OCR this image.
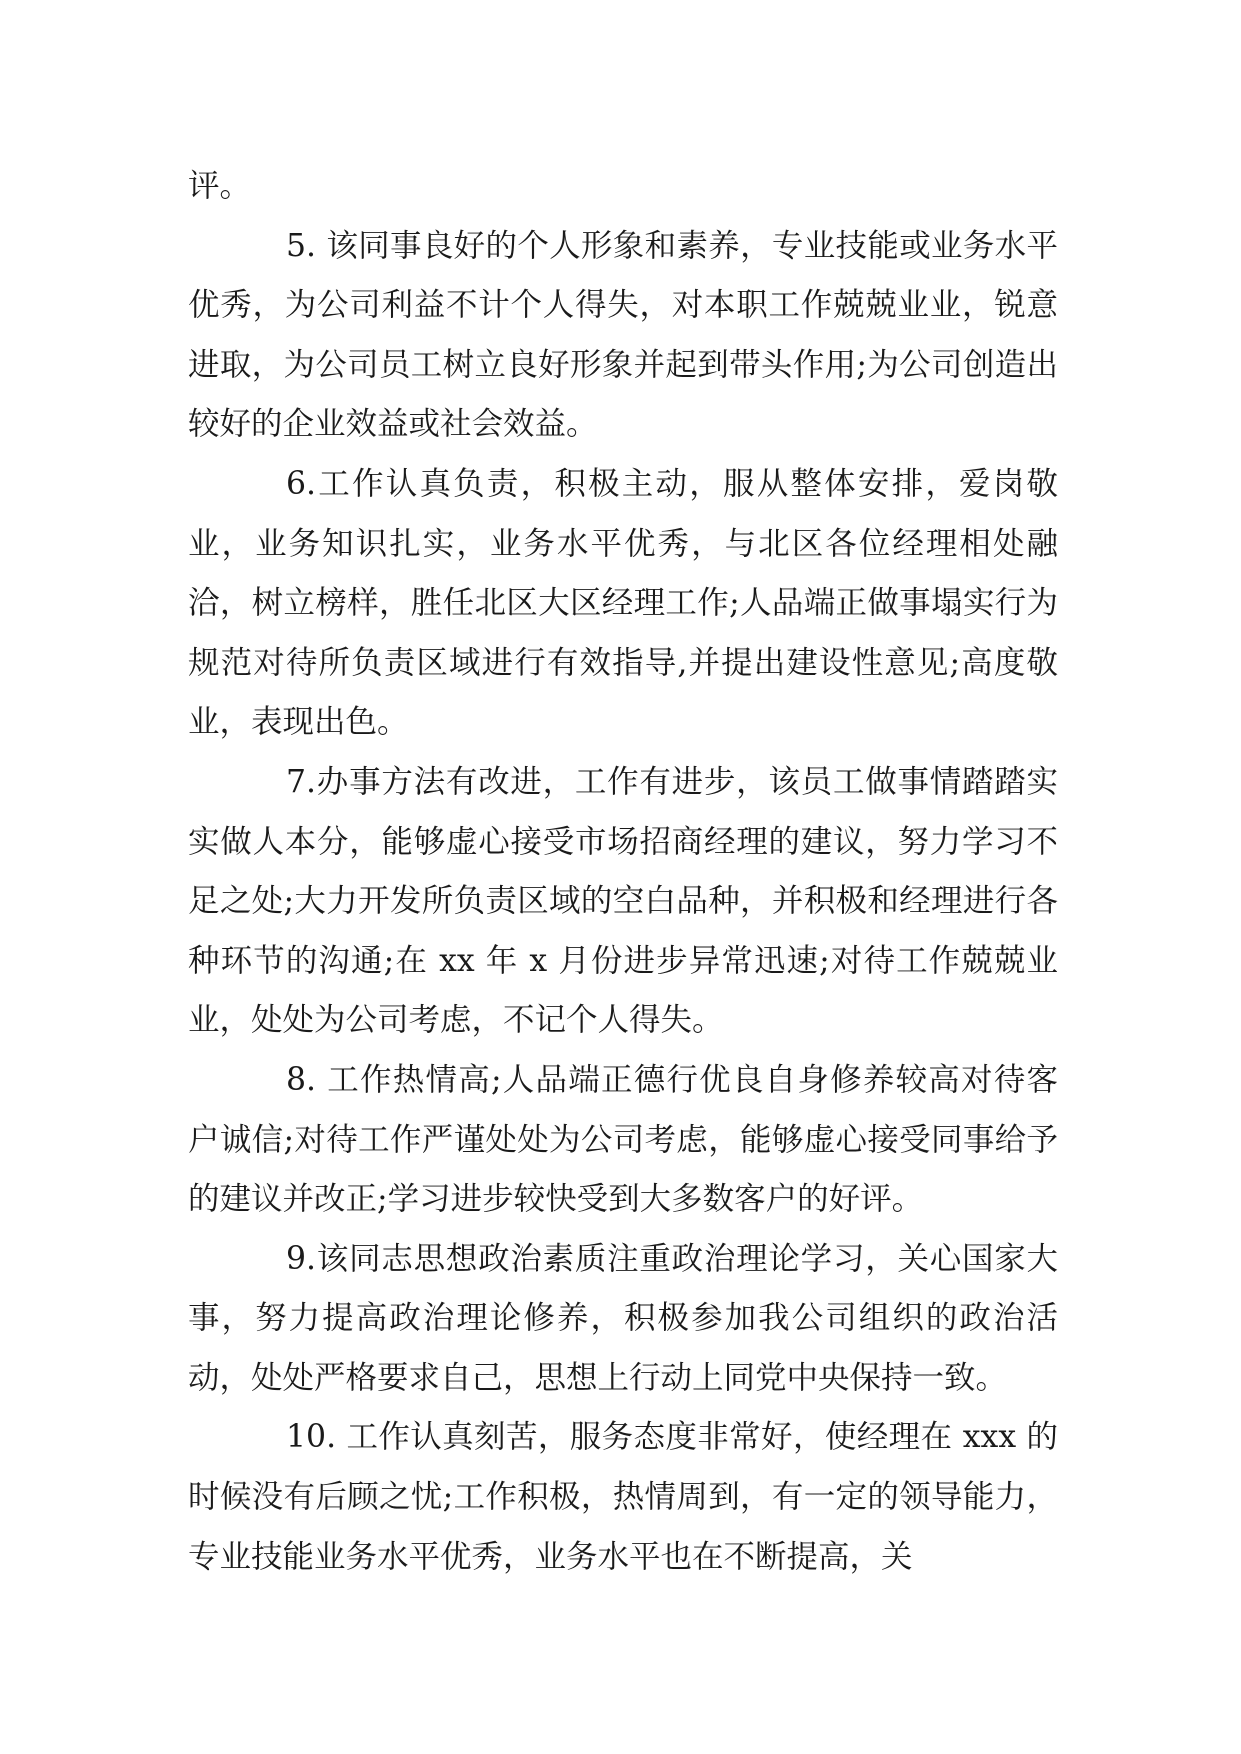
评。

5. 该同事良好的个人形象和素养，专业技能或业务水平优秀，为公司利益不计个人得失，对本职工作兢兢业业，锐意进取，为公司员工树立良好形象并起到带头作用;为公司创造出较好的企业效益或社会效益。

6.工作认真负责，积极主动，服从整体安排，爱岗敬业，业务知识扎实，业务水平优秀，与北区各位经理相处融洽，树立榜样，胜任北区大区经理工作;人品端正做事塌实行为规范对待所负责区域进行有效指导,并提出建设性意见;高度敬业，表现出色。

7.办事方法有改进，工作有进步，该员工做事情踏踏实实做人本分，能够虚心接受市场招商经理的建议，努力学习不足之处;大力开发所负责区域的空白品种，并积极和经理进行各种环节的沟通;在 xx 年 x 月份进步异常迅速;对待工作兢兢业业，处处为公司考虑，不记个人得失。

8. 工作热情高;人品端正德行优良自身修养较高对待客户诚信;对待工作严谨处处为公司考虑，能够虚心接受同事给予的建议并改正;学习进步较快受到大多数客户的好评。

9.该同志思想政治素质注重政治理论学习，关心国家大事，努力提高政治理论修养，积极参加我公司组织的政治活动，处处严格要求自己，思想上行动上同党中央保持一致。

10. 工作认真刻苦，服务态度非常好，使经理在 xxx 的时候没有后顾之忧;工作积极，热情周到，有一定的领导能力，专业技能业务水平优秀，业务水平也在不断提高，关
